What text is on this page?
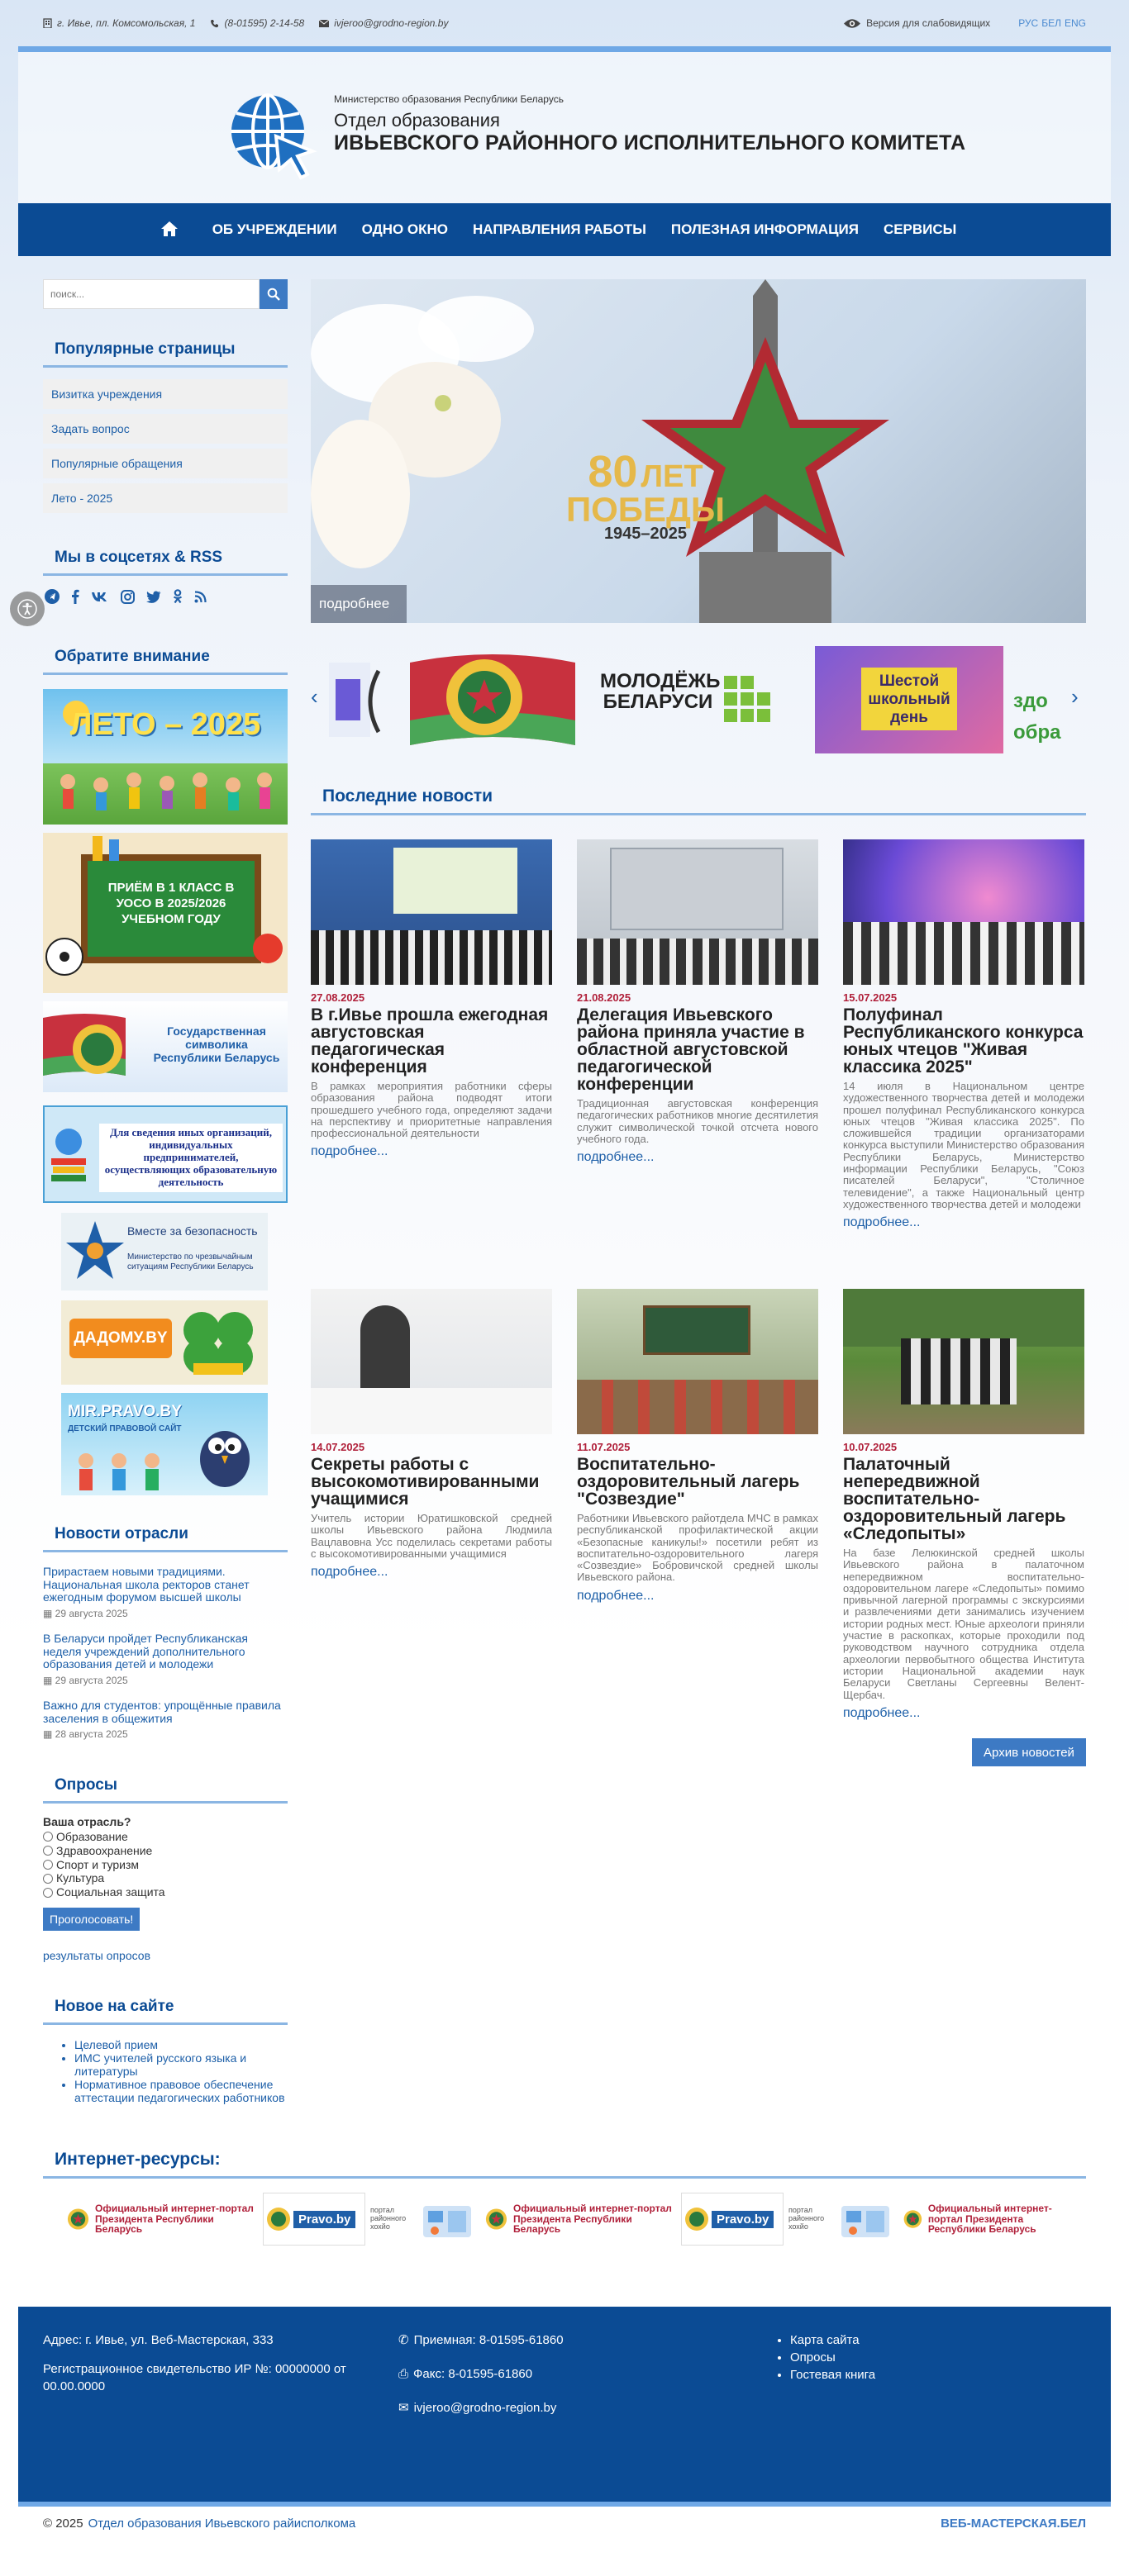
г. Ивье, пл. Комсомольская, 1	(8-01595) 2-14-58	ivjeroo@grodno-region.by	Версия для слабовидящих	РУС БЕЛ ENG
Министерство образования Республики Беларусь
Отдел образования
ИВЬЕВСКОГО РАЙОННОГО ИСПОЛНИТЕЛЬНОГО КОМИТЕТА
ОБ УЧРЕЖДЕНИИ ОДНО ОКНО НАПРАВЛЕНИЯ РАБОТЫ ПОЛЕЗНАЯ ИНФОРМАЦИЯ СЕРВИСЫ
поиск...
Популярные страницы
Визитка учреждения
Задать вопрос
Популярные обращения
Лето - 2025
Мы в соцсетях & RSS
Обратите внимание
ЛЕТО – 2025
ПРИЁМ В 1 КЛАСС В УОСО В 2025/2026 УЧЕБНОМ ГОДУ
Государственная символика Республики Беларусь
Для сведения иных организаций, индивидуальных предпринимателей, осуществляющих образовательную деятельность
Вместе за безопасность
Министерство по чрезвычайным ситуациям Республики Беларусь
ДАДОМУ.BY
MIR.PRAVO.BY
ДЕТСКИЙ ПРАВОВОЙ САЙТ
Новости отрасли
Прирастаем новыми традициями. Национальная школа ректоров станет ежегодным форумом высшей школы
▦ 29 августа 2025
В Беларуси пройдет Республиканская неделя учреждений дополнительного образования детей и молодежи
▦ 29 августа 2025
Важно для студентов: упрощённые правила заселения в общежития
▦ 28 августа 2025
Опросы
Ваша отрасль?
Образование
Здравоохранение
Спорт и туризм
Культура
Социальная защита
Проголосовать!
результаты опросов
Новое на сайте
• Целевой прием
• ИМС учителей русского языка и литературы
• Нормативное правовое обеспечение аттестации педагогических работников
80 ЛЕТ
ПОБЕДЫ
1945–2025
подробнее
‹
МОЛОДЁЖЬ БЕЛАРУСИ
Шестой школьный день
здо обра
›
Последние новости
27.08.2025
В г.Ивье прошла ежегодная августовская педагогическая конференция
В рамках мероприятия работники сферы образования района подводят итоги прошедшего учебного года, определяют задачи на перспективу и приоритетные направления профессиональной деятельности
подробнее...
21.08.2025
Делегация Ивьевского района приняла участие в областной августовской педагогической конференции
Традиционная августовская конференция педагогических работников многие десятилетия служит символической точкой отсчета нового учебного года.
подробнее...
15.07.2025
Полуфинал Республиканского конкурса юных чтецов "Живая классика 2025"
14 июля в Национальном центре художественного творчества детей и молодежи прошел полуфинал Республиканского конкурса юных чтецов "Живая классика 2025". По сложившейся традиции организаторами конкурса выступили Министерство образования Республики Беларусь, Министерство информации Республики Беларусь, "Союз писателей Беларуси", "Столичное телевидение", а также Национальный центр художественного творчества детей и молодежи
подробнее...
14.07.2025
Секреты работы с высокомотивированными учащимися
Учитель истории Юратишковской средней школы Ивьевского района Людмила Вацлавовна Усс поделилась секретами работы с высокомотивированными учащимися
подробнее...
11.07.2025
Воспитательно-оздоровительный лагерь "Созвездие"
Работники Ивьевского райотдела МЧС в рамках республиканской профилактической акции «Безопасные каникулы!» посетили ребят из воспитательно-оздоровительного лагеря «Созвездие» Бобровичской средней школы Ивьевского района.
подробнее...
10.07.2025
Палаточный непередвижной воспитательно-оздоровительный лагерь «Следопыты»
На базе Лелюкинской средней школы Ивьевского района в палаточном непередвижном воспитательно-оздоровительном лагере «Следопыты» помимо привычной лагерной программы с экскурсиями и развлечениями дети занимались изучением истории родных мест. Юные археологи приняли участие в раскопках, которые проходили под руководством научного сотрудника отдела археологии первобытного общества Института истории Национальной академии наук Беларуси Светланы Сергеевны Велент-Щербач.
подробнее...
Архив новостей
Интернет-ресурсы:
Официальный интернет-портал Президента Республики Беларусь
Pravo.by
портал районного хохйо
Официальный интернет-портал Президента Республики Беларусь
Pravo.by
портал районного хохйо
Официальный интернет-портал Президента Республики Беларусь
Адрес: г. Ивье, ул. Веб-Мастерская, 333
Регистрационное свидетельство ИР №: 00000000 от 00.00.0000
✆ Приемная: 8-01595-61860
⎙ Факс: 8-01595-61860
✉ ivjeroo@grodno-region.by
• Карта сайта
• Опросы
• Гостевая книга
© 2025 Отдел образования Ивьевского райисполкома	ВЕБ-МАСТЕРСКАЯ.БЕЛ
